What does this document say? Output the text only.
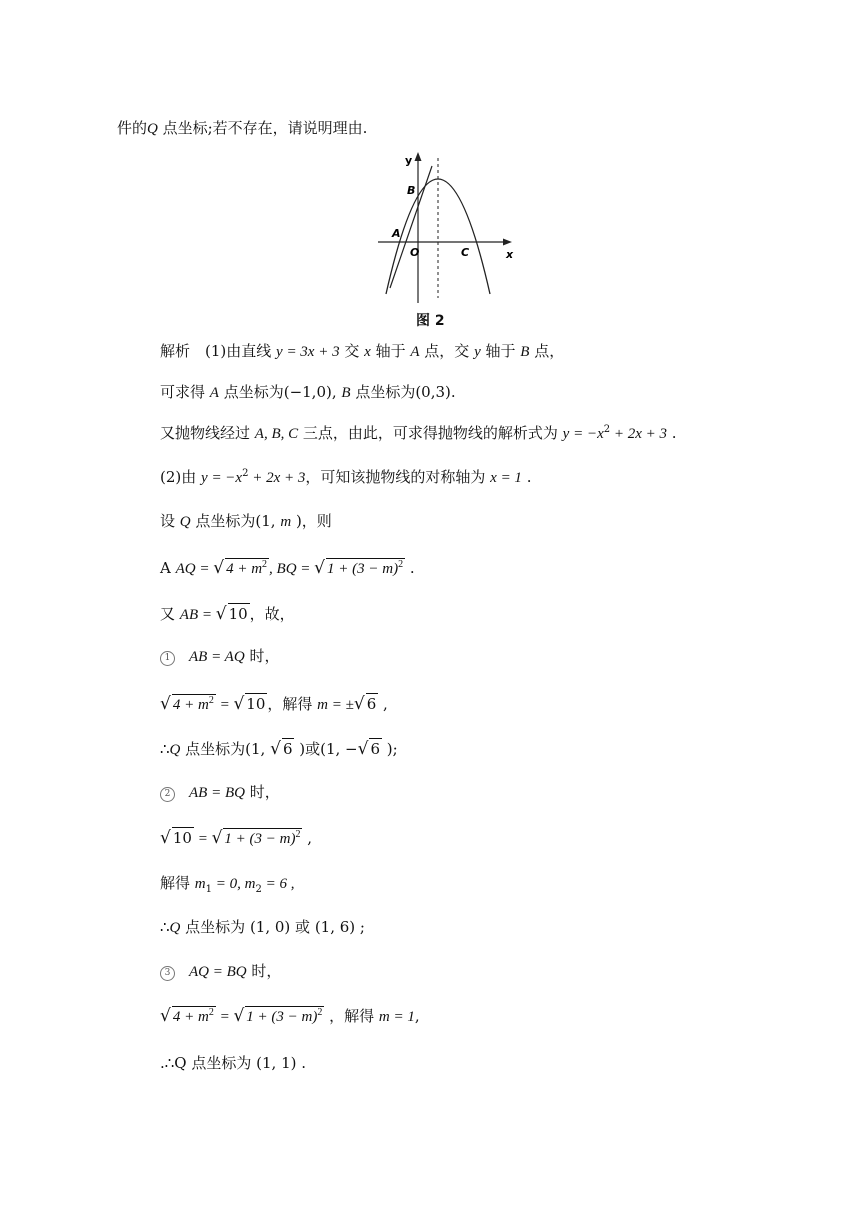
件的Q 点坐标;若不存在，请说明理由.
y
x
B
A
O	C
图 2
解析　(1)由直线 y = 3x + 3 交 x 轴于 A 点，交 y 轴于 B 点，
可求得 A 点坐标为(−1,0), B 点坐标为(0,3).
又抛物线经过 A, B, C 三点，由此，可求得抛物线的解析式为 $y = -x^2 + 2x + 3$ .
(2)由 $y = -x^2 + 2x + 3$，可知该抛物线的对称轴为 x = 1 .
设 Q 点坐标为(1, m )，则
A AQ = √ $4 + m^2$ , BQ = √ $1 + (3 - m)^2$ .
又 AB = √ 10 ，故，
1 AB = AQ 时，
√ $4 + m^2$ = √ 10 ，解得 m = ±√ 6 ,
∴Q 点坐标为(1, √ 6 )或(1, −√ 6 );
2 AB = BQ 时，
√ 10 = √ $1 + (3 - m)^2$ ,
解得 $m_1 = 0$, $m_2 = 6$ ,
∴Q 点坐标为 (1, 0) 或 (1, 6) ;
3 AQ = BQ 时，
√ $4 + m^2$ = √ $1 + (3 - m)^2$ ，解得 m = 1,
.∴Q 点坐标为 (1, 1) .
